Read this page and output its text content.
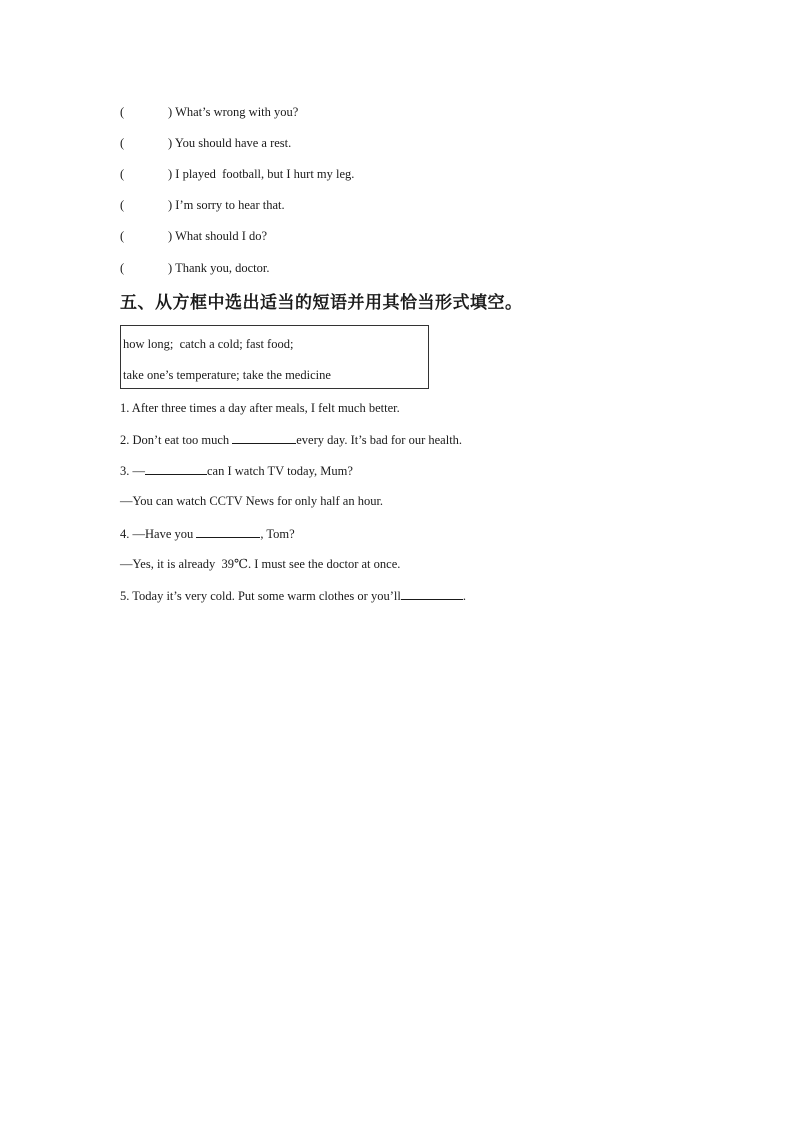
(	) What’s wrong with you?
(	) You should have a rest.
(	) I played  football, but I hurt my leg.
(	) I’m sorry to hear that.
(	) What should I do?
(	) Thank you, doctor.
五、从方框中选出适当的短语并用其恰当形式填空。
how long;  catch a cold; fast food;
take one’s temperature; take the medicine
1. After three times a day after meals, I felt much better.
2. Don’t eat too much	every day. It’s bad for our health.
3. —	can I watch TV today, Mum?
—You can watch CCTV News for only half an hour.
4. —Have you	, Tom?
—Yes, it is already  39℃. I must see the doctor at once.
5. Today it’s very cold. Put some warm clothes or you’ll	.
